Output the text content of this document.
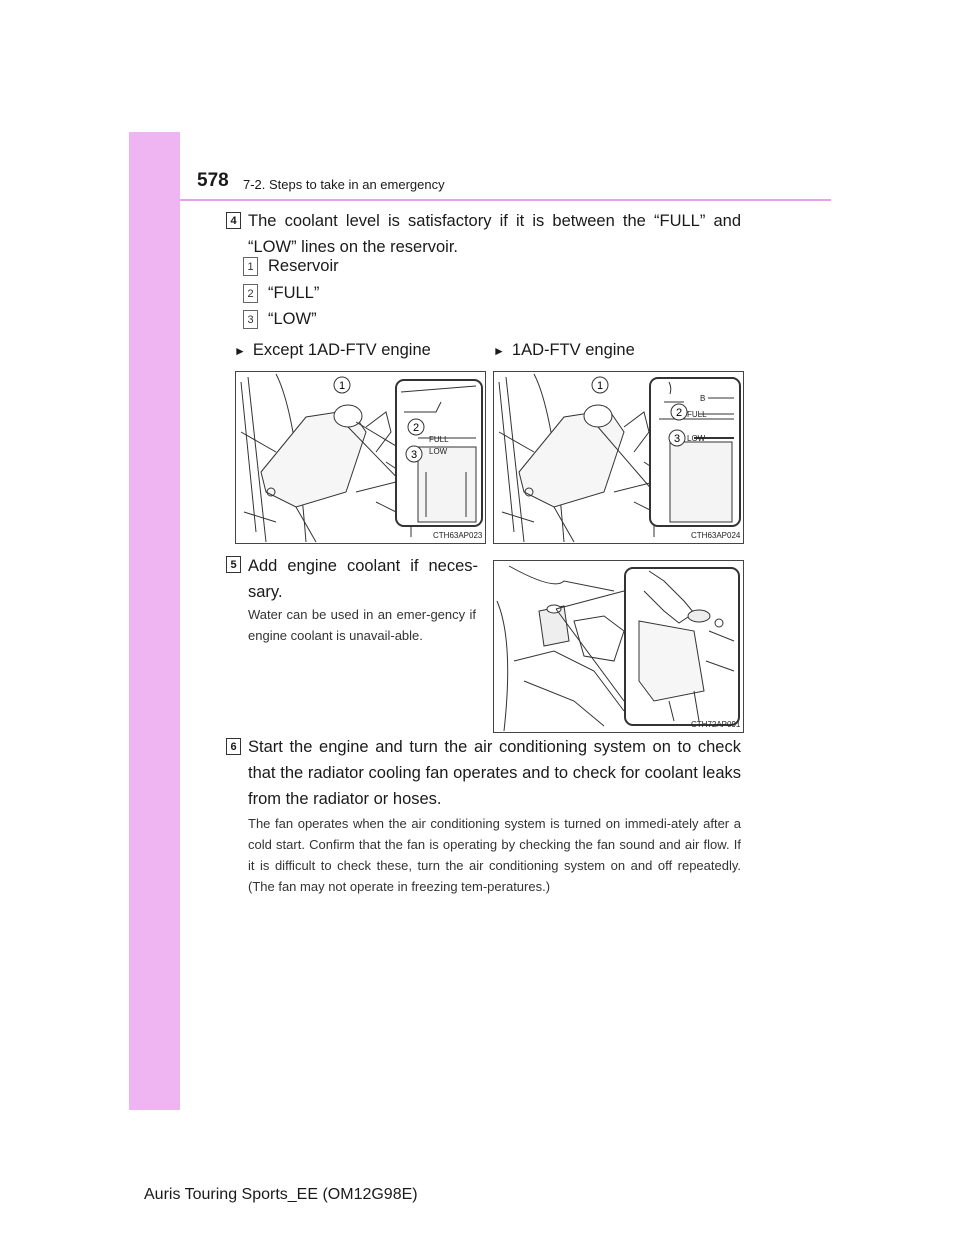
578 7-2. Steps to take in an emergency
4 The coolant level is satisfactory if it is between the “FULL” and “LOW” lines on the reservoir.
1 Reservoir
2 “FULL”
3 “LOW”
► Except 1AD-FTV engine	► 1AD-FTV engine
1
2
3
FULL
LOW
CTH63AP023
1
2
3
B
FULL
LOW
CTH63AP024
5 Add engine coolant if neces-sary.
Water can be used in an emer-gency if engine coolant is unavail-able.
CTH72AP091
6 Start the engine and turn the air conditioning system on to check that the radiator cooling fan operates and to check for coolant leaks from the radiator or hoses.
The fan operates when the air conditioning system is turned on immedi-ately after a cold start. Confirm that the fan is operating by checking the fan sound and air flow. If it is difficult to check these, turn the air conditioning system on and off repeatedly. (The fan may not operate in freezing tem-peratures.)
Auris Touring Sports_EE (OM12G98E)
